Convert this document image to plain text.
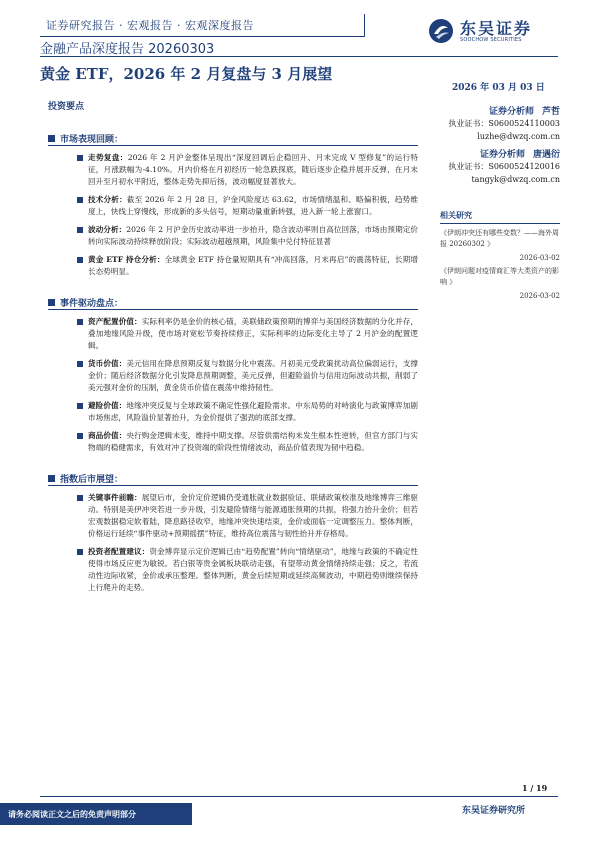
证券研究报告 · 宏观报告 · 宏观深度报告
金融产品深度报告 20260303
东吴证券
SOOCHOW SECURITIES
黄金 ETF，2026 年 2 月复盘与 3 月展望
2026 年 03 月 03 日
投资要点
市场表现回顾：
走势复盘：2026 年 2 月沪金整体呈现出“深度回调后企稳回升、月末完成 V 型修复”的运行特征，月涨跌幅为-4.10%。月内价格在月初经历一轮急跌探底，随后逐步企稳并展开反弹，在月末回升至月初水平附近，整体走势先抑后扬，波动幅度显著放大。
技术分析：截至 2026 年 2 月 28 日，沪金风险度达 63.62，市场情绪温和、略偏积极，趋势维度上，快线上穿慢线，形成新的多头信号，短期动量重新转强，进入新一轮上涨窗口。
波动分析：2026 年 2 月沪金历史波动率进一步抬升，隐含波动率则自高位回落，市场由预期定价转向实际波动持续释放阶段；实际波动超越预期，风险集中兑付特征显著
黄金 ETF 持仓分析：全球黄金 ETF 持仓量短期具有“冲高回落，月末再启”的震荡特征，长期增长态势明显。
事件驱动盘点：
资产配置价值：实际利率仍是金价的核心锚，美联储政策预期的博弈与美国经济数据的分化并存，叠加地缘风险升级，使市场对宽松节奏持续修正，实际利率的边际变化主导了 2 月沪金的配置逻辑。
货币价值：美元信用在降息预期反复与数据分化中震荡。月初美元受政策扰动高位偏弱运行，支撑金价；随后经济数据分化引发降息预期调整，美元反弹，但避险溢价与信用边际波动共振，削弱了美元强对金价的压制，黄金货币价值在震荡中维持韧性。
避险价值：地缘冲突反复与全球政策不确定性强化避险需求。中东局势的对峙演化与政策博弈加剧市场焦虑，风险溢价显著抬升，为金价提供了强劲的底部支撑。
商品价值：央行购金逻辑未变，维持中期支撑。尽管供需结构未发生根本性逆转，但官方部门与实物端的稳健需求，有效对冲了投资端的阶段性情绪波动，商品价值表现为韧中趋稳。
指数后市展望：
关键事件前瞻：展望后市，金价定价逻辑仍受通胀就业数据验证、联储政策校准及地缘博弈三维驱动。特别是美伊冲突若进一步升级，引发避险情绪与能源通胀预期的共振，将强力抬升金价；但若宏观数据稳定软着陆，降息路径收窄，地缘冲突快速结束，金价或面临一定调整压力。整体判断，价格运行延续“事件驱动+预期摇摆”特征，维持高位震荡与韧性抬升并存格局。
投资者配置建议：资金博弈显示定价逻辑已由“趋势配置”转向“情绪驱动”，地缘与政策的不确定性使得市场反应更为敏锐。若白银等贵金属板块联动走强，有望带动黄金情绪持续走强；反之，若流动性边际收紧，金价或承压整理。整体判断，黄金后续短期或延续高频波动，中期趋势则继续保持上行爬升的走势。
证券分析师 芦哲
执业证书：S0600524110003
luzhe@dwzq.com.cn
证券分析师 唐遇衍
执业证书：S0600524120016
tangyk@dwzq.com.cn
相关研究
《伊朗冲突还有哪些变数？——海外周报 20260302 》
2026-03-02
《伊朗问题对疫情商汇等大类资产的影响 》
2026-03-02
1 / 19
请务必阅读正文之后的免责声明部分	东吴证券研究所
